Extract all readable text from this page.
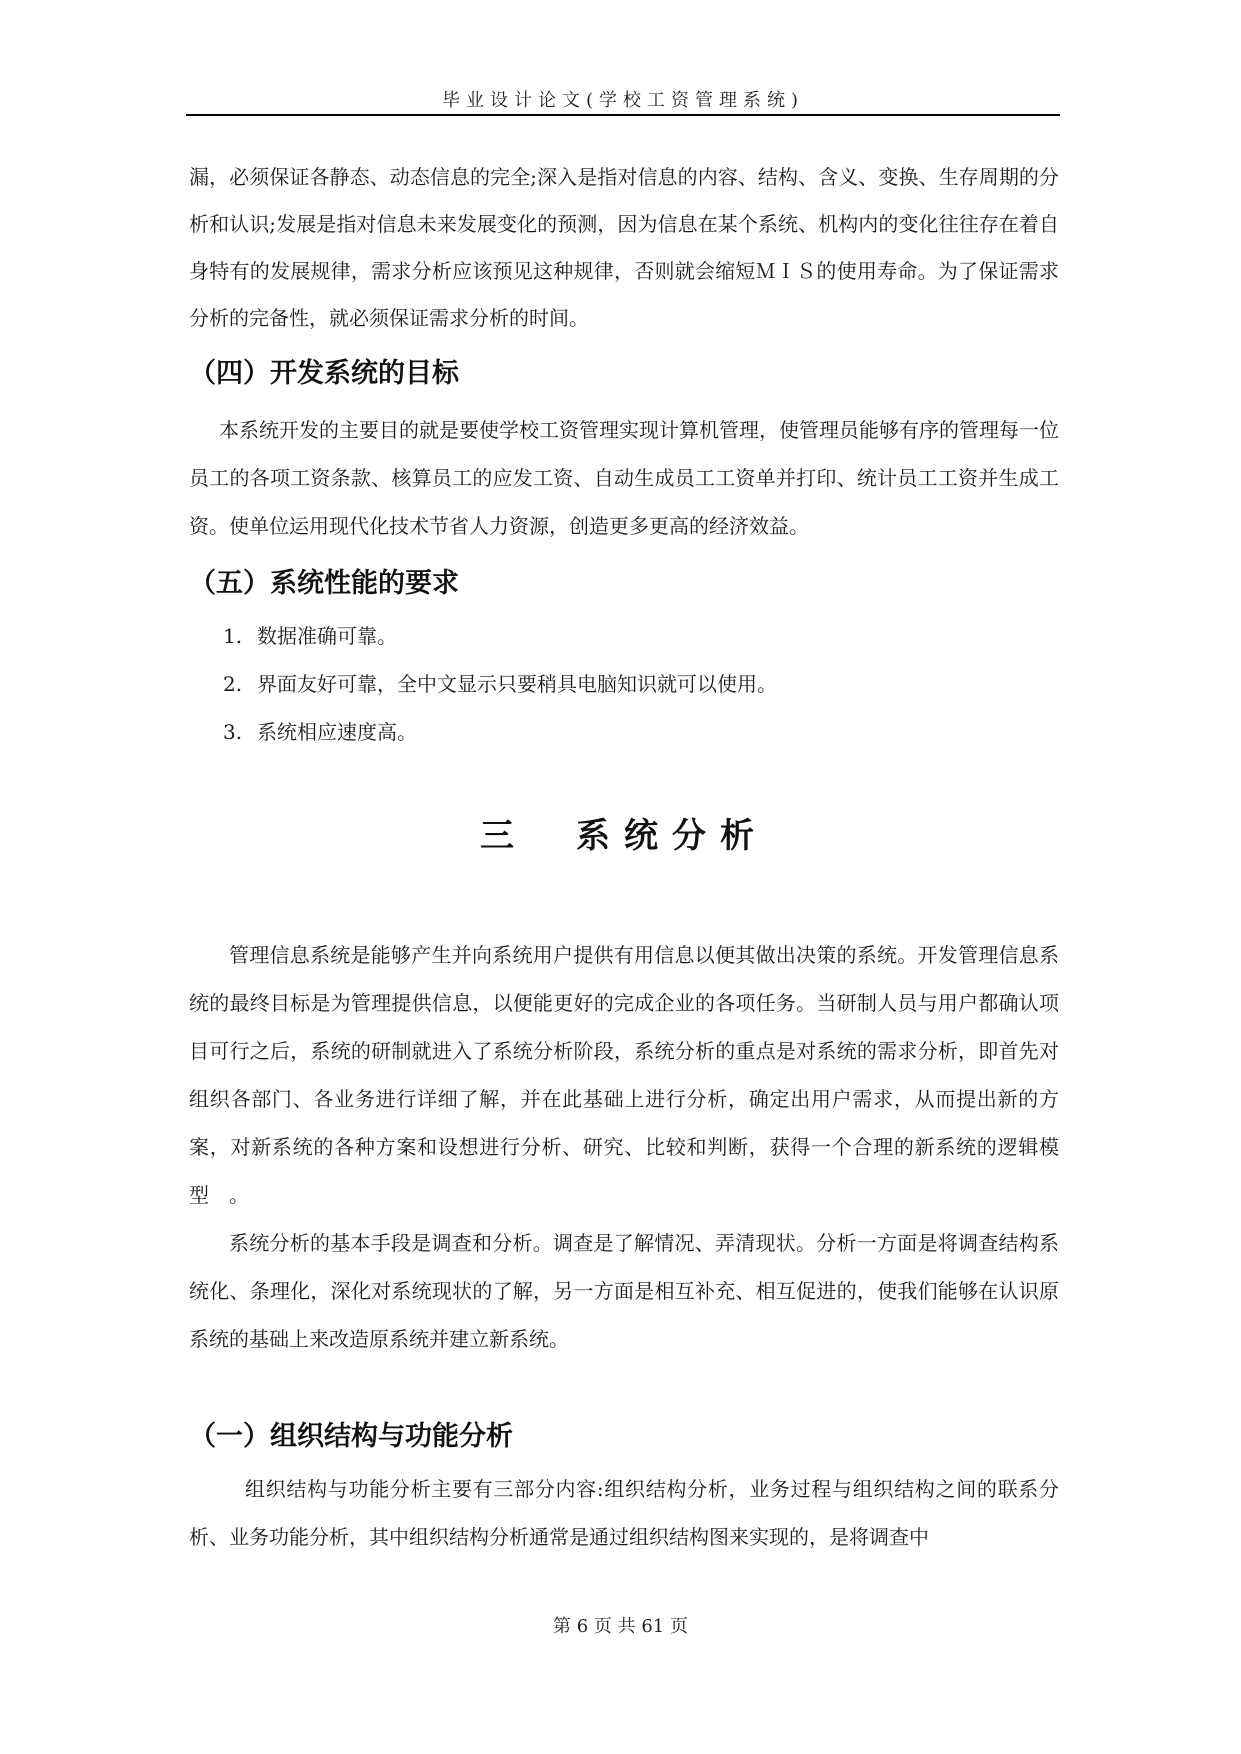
毕业设计论文(学校工资管理系统)

漏，必须保证各静态、动态信息的完全;深入是指对信息的内容、结构、含义、变换、生存周期的分析和认识;发展是指对信息未来发展变化的预测，因为信息在某个系统、机构内的变化往往存在着自身特有的发展规律，需求分析应该预见这种规律，否则就会缩短ＭＩＳ的使用寿命。为了保证需求分析的完备性，就必须保证需求分析的时间。

（四）开发系统的目标

本系统开发的主要目的就是要使学校工资管理实现计算机管理，使管理员能够有序的管理每一位员工的各项工资条款、核算员工的应发工资、自动生成员工工资单并打印、统计员工工资并生成工资。使单位运用现代化技术节省人力资源，创造更多更高的经济效益。

（五）系统性能的要求

1. 数据准确可靠。

2. 界面友好可靠，全中文显示只要稍具电脑知识就可以使用。

3. 系统相应速度高。

三　系统分析

管理信息系统是能够产生并向系统用户提供有用信息以便其做出决策的系统。开发管理信息系统的最终目标是为管理提供信息，以便能更好的完成企业的各项任务。当研制人员与用户都确认项目可行之后，系统的研制就进入了系统分析阶段，系统分析的重点是对系统的需求分析，即首先对组织各部门、各业务进行详细了解，并在此基础上进行分析，确定出用户需求，从而提出新的方案，对新系统的各种方案和设想进行分析、研究、比较和判断，获得一个合理的新系统的逻辑模型　。

系统分析的基本手段是调查和分析。调查是了解情况、弄清现状。分析一方面是将调查结构系统化、条理化，深化对系统现状的了解，另一方面是相互补充、相互促进的，使我们能够在认识原系统的基础上来改造原系统并建立新系统。

（一）组织结构与功能分析

组织结构与功能分析主要有三部分内容:组织结构分析，业务过程与组织结构之间的联系分析、业务功能分析，其中组织结构分析通常是通过组织结构图来实现的，是将调查中

第 6 页 共 61 页
